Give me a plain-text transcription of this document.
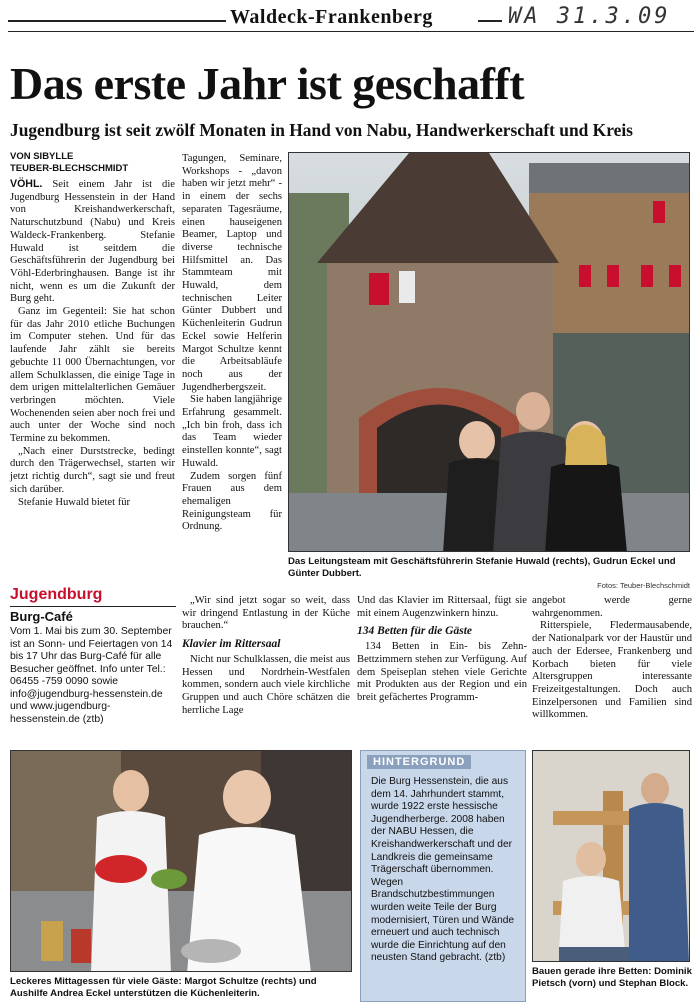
Waldeck-Frankenberg	WA 31.3.09
Das erste Jahr ist geschafft
Jugendburg ist seit zwölf Monaten in Hand von Nabu, Handwerkerschaft und Kreis
VON SIBYLLE
TEUBER-BLECHSCHMIDT

VÖHL. Seit einem Jahr ist die Jugendburg Hessenstein in der Hand von Kreishandwerkerschaft, Naturschutzbund (Nabu) und Kreis Waldeck-Frankenberg. Stefanie Huwald ist seitdem die Geschäftsführerin der Jugendburg bei Vöhl-Ederbringhausen. Bange ist ihr nicht, wenn es um die Zukunft der Burg geht.

Ganz im Gegenteil: Sie hat schon für das Jahr 2010 etliche Buchungen im Computer stehen. Und für das laufende Jahr zählt sie bereits gebuchte 11 000 Übernachtungen, vor allem Schulklassen, die einige Tage in dem urigen mittelalterlichen Gemäuer verbringen möchten. Viele Wochenenden seien aber noch frei und auch unter der Woche sind noch Termine zu bekommen.

„Nach einer Durststrecke, bedingt durch den Trägerwechsel, starten wir jetzt richtig durch“, sagt sie und freut sich darüber.

Stefanie Huwald bietet für

Tagungen, Seminare, Workshops - „davon haben wir jetzt mehr“ - in einem der sechs separaten Tagesräume, einen hauseigenen Beamer, Laptop und diverse technische Hilfsmittel an. Das Stammteam mit Huwald, dem technischen Leiter Günter Dubbert und Küchenleiterin Gudrun Eckel sowie Helferin Margot Schultze kennt die Arbeitsabläufe noch aus der Jugendherbergszeit.

Sie haben langjährige Erfahrung gesammelt. „Ich bin froh, dass ich das Team wieder einstellen konnte“, sagt Huwald.

Zudem sorgen fünf Frauen aus dem ehemaligen Reinigungsteam für Ordnung.

„Wir sind jetzt sogar so weit, dass wir dringend Entlastung in der Küche brauchen.“

Klavier im Rittersaal

Nicht nur Schulklassen, die meist aus Hessen und Nordrhein-Westfalen kommen, sondern auch viele kirchliche Gruppen und auch Chöre schätzen die herrliche Lage

Das Leitungsteam mit Geschäftsführerin Stefanie Huwald (rechts), Gudrun Eckel und Günter Dubbert.
Fotos: Teuber-Blechschmidt
Jugendburg
Burg-Café
Vom 1. Mai bis zum 30. September ist an Sonn- und Feiertagen von 14 bis 17 Uhr das Burg-Café für alle Besucher geöffnet. Info unter Tel.: 06455 -759 0090 sowie info@jugendburg-hessenstein.de und www.jugendburg-hessenstein.de (ztb)

Und das Klavier im Rittersaal, fügt sie mit einem Augenzwinkern hinzu.

134 Betten für die Gäste

134 Betten in Ein- bis Zehn-Bettzimmern stehen zur Verfügung. Auf dem Speiseplan stehen viele Gerichte mit Produkten aus der Region und ein breit gefächertes Programm-

angebot werde gerne wahrgenommen.

Ritterspiele, Fledermausabende, der Nationalpark vor der Haustür und auch der Edersee, Frankenberg und Korbach bieten für viele Altersgruppen interessante Freizeitgestaltungen. Doch auch Einzelpersonen und Familien sind willkommen.

Leckeres Mittagessen für viele Gäste: Margot Schultze (rechts) und Aushilfe Andrea Eckel unterstützen die Küchenleiterin.
HINTERGRUND
Die Burg Hessenstein, die aus dem 14. Jahrhundert stammt, wurde 1922 erste hessische Jugendherberge. 2008 haben der NABU Hessen, die Kreishandwerkerschaft und der Landkreis die gemeinsame Trägerschaft übernommen. Wegen Brandschutzbestimmungen wurden weite Teile der Burg modernisiert, Türen und Wände erneuert und auch technisch wurde die Einrichtung auf den neusten Stand gebracht. (ztb)
Bauen gerade ihre Betten: Dominik Pietsch (vorn) und Stephan Block.
